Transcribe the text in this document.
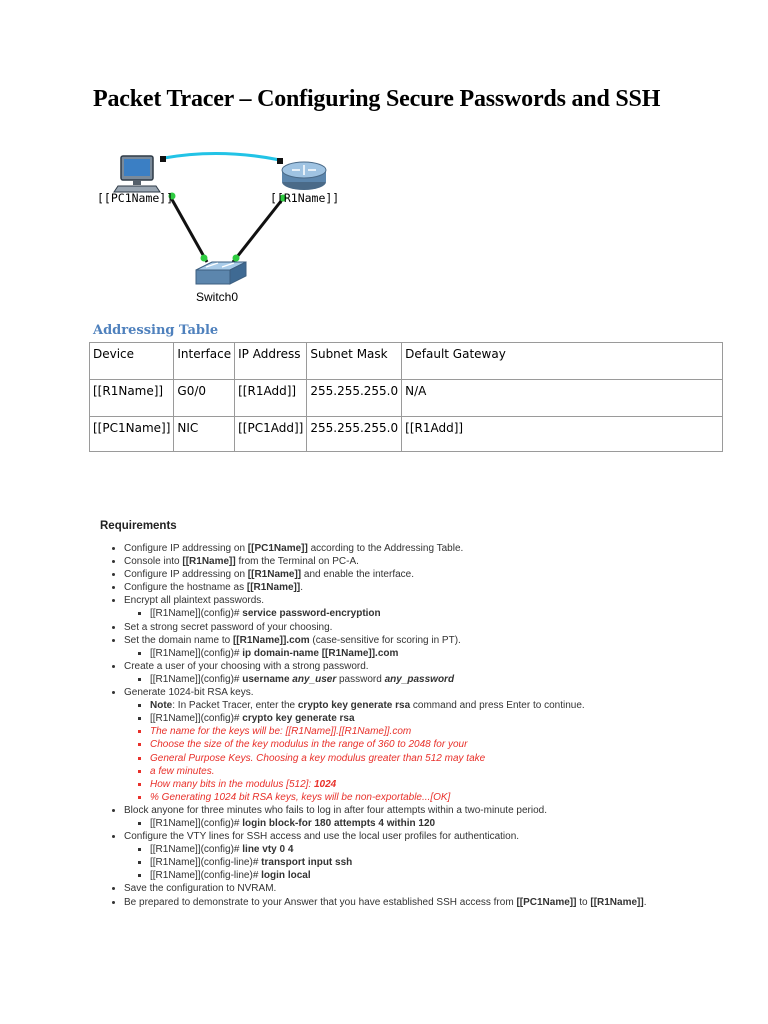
Packet Tracer – Configuring Secure Passwords and SSH
[[PC1Name]]	[[R1Name]]
Switch0
Addressing Table
Device	Interface	IP Address	Subnet Mask	Default Gateway
[[R1Name]]	G0/0	[[R1Add]]	255.255.255.0	N/A
[[PC1Name]]	NIC	[[PC1Add]]	255.255.255.0	[[R1Add]]
Requirements
• Configure IP addressing on [[PC1Name]] according to the Addressing Table.
• Console into [[R1Name]] from the Terminal on PC-A.
• Configure IP addressing on [[R1Name]] and enable the interface.
• Configure the hostname as [[R1Name]].
• Encrypt all plaintext passwords.
▪ [[R1Name]](config)# service password-encryption
• Set a strong secret password of your choosing.
• Set the domain name to [[R1Name]].com (case-sensitive for scoring in PT).
▪ [[R1Name]](config)# ip domain-name [[R1Name]].com
• Create a user of your choosing with a strong password.
▪ [[R1Name]](config)# username any_user password any_password
• Generate 1024-bit RSA keys.
▪ Note: In Packet Tracer, enter the crypto key generate rsa command and press Enter to continue.
▪ [[R1Name]](config)# crypto key generate rsa
▪ The name for the keys will be: [[R1Name]].[[R1Name]].com
▪ Choose the size of the key modulus in the range of 360 to 2048 for your
▪ General Purpose Keys. Choosing a key modulus greater than 512 may take
▪ a few minutes.
▪ How many bits in the modulus [512]: 1024
▪ % Generating 1024 bit RSA keys, keys will be non-exportable...[OK]
• Block anyone for three minutes who fails to log in after four attempts within a two-minute period.
▪ [[R1Name]](config)# login block-for 180 attempts 4 within 120
• Configure the VTY lines for SSH access and use the local user profiles for authentication.
▪ [[R1Name]](config)# line vty 0 4
▪ [[R1Name]](config-line)# transport input ssh
▪ [[R1Name]](config-line)# login local
• Save the configuration to NVRAM.
• Be prepared to demonstrate to your Answer that you have established SSH access from [[PC1Name]] to [[R1Name]].
